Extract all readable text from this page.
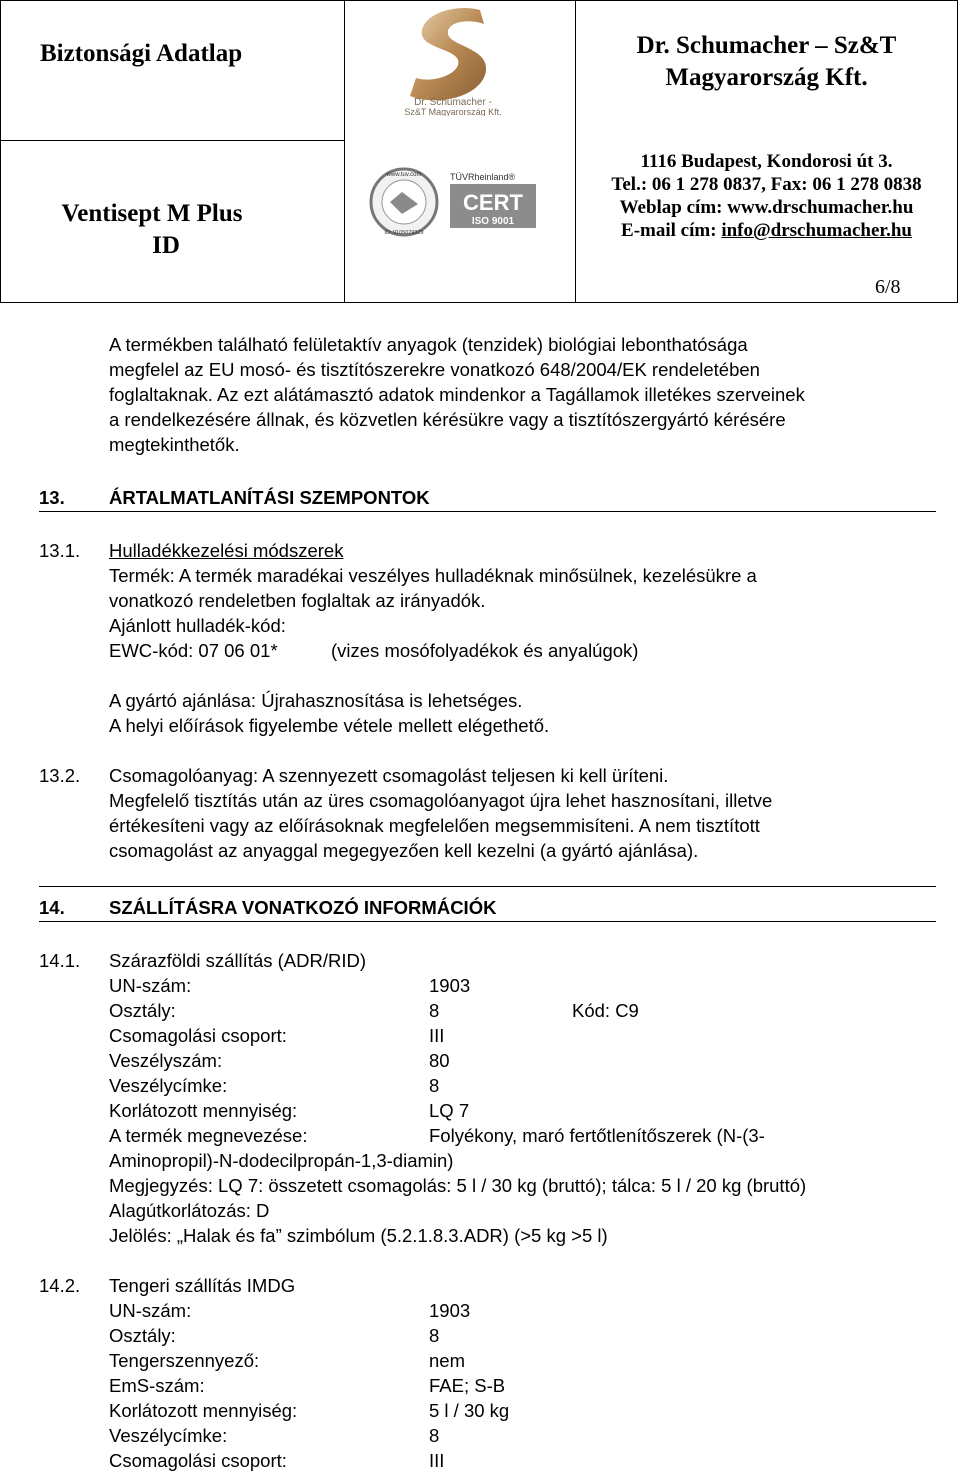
Biztonsági Adatlap
Ventisept M Plus
ID
Dr. Schumacher – Sz&T
Magyarország Kft.
1116 Budapest, Kondorosi út 3.
Tel.: 06 1 278 0837, Fax: 06 1 278 0838
Weblap cím: www.drschumacher.hu
E-mail cím: info@drschumacher.hu
6/8
Dr. Schumacher -
Sz&T Magyarország Kft.
www.tuv.com
ID: 9105079329
TÜVRheinland®
CERT
ISO 9001
A termékben található felületaktív anyagok (tenzidek) biológiai lebonthatósága
megfelel az EU mosó- és tisztítószerekre vonatkozó 648/2004/EK rendeletében
foglaltaknak. Az ezt alátámasztó adatok mindenkor a Tagállamok illetékes szerveinek
a rendelkezésére állnak, és közvetlen kérésükre vagy a tisztítószergyártó kérésére
megtekinthetők.
13. ÁRTALMATLANÍTÁSI SZEMPONTOK
13.1. Hulladékkezelési módszerek
Termék: A termék maradékai veszélyes hulladéknak minősülnek, kezelésükre a
vonatkozó rendeletben foglaltak az irányadók.
Ajánlott hulladék-kód:
EWC-kód: 07 06 01*	(vizes mosófolyadékok és anyalúgok)
A gyártó ajánlása: Újrahasznosítása is lehetséges.
A helyi előírások figyelembe vétele mellett elégethető.
13.2. Csomagolóanyag: A szennyezett csomagolást teljesen ki kell üríteni.
Megfelelő tisztítás után az üres csomagolóanyagot újra lehet hasznosítani, illetve
értékesíteni vagy az előírásoknak megfelelően megsemmisíteni. A nem tisztított
csomagolást az anyaggal megegyezően kell kezelni (a gyártó ajánlása).
14. SZÁLLÍTÁSRA VONATKOZÓ INFORMÁCIÓK
14.1. Szárazföldi szállítás (ADR/RID)
UN-szám:	1903
Osztály:	8	Kód: C9
Csomagolási csoport:	III
Veszélyszám:	80
Veszélycímke:	8
Korlátozott mennyiség:	LQ 7
A termék megnevezése:	Folyékony, maró fertőtlenítőszerek (N-(3-
Aminopropil)-N-dodecilpropán-1,3-diamin)
Megjegyzés: LQ 7: összetett csomagolás: 5 l / 30 kg (bruttó); tálca: 5 l / 20 kg (bruttó)
Alagútkorlátozás: D
Jelölés: „Halak és fa” szimbólum (5.2.1.8.3.ADR) (>5 kg >5 l)
14.2. Tengeri szállítás IMDG
UN-szám:	1903
Osztály:	8
Tengerszennyező:	nem
EmS-szám:	FAE; S-B
Korlátozott mennyiség:	5 l / 30 kg
Veszélycímke:	8
Csomagolási csoport:	III
